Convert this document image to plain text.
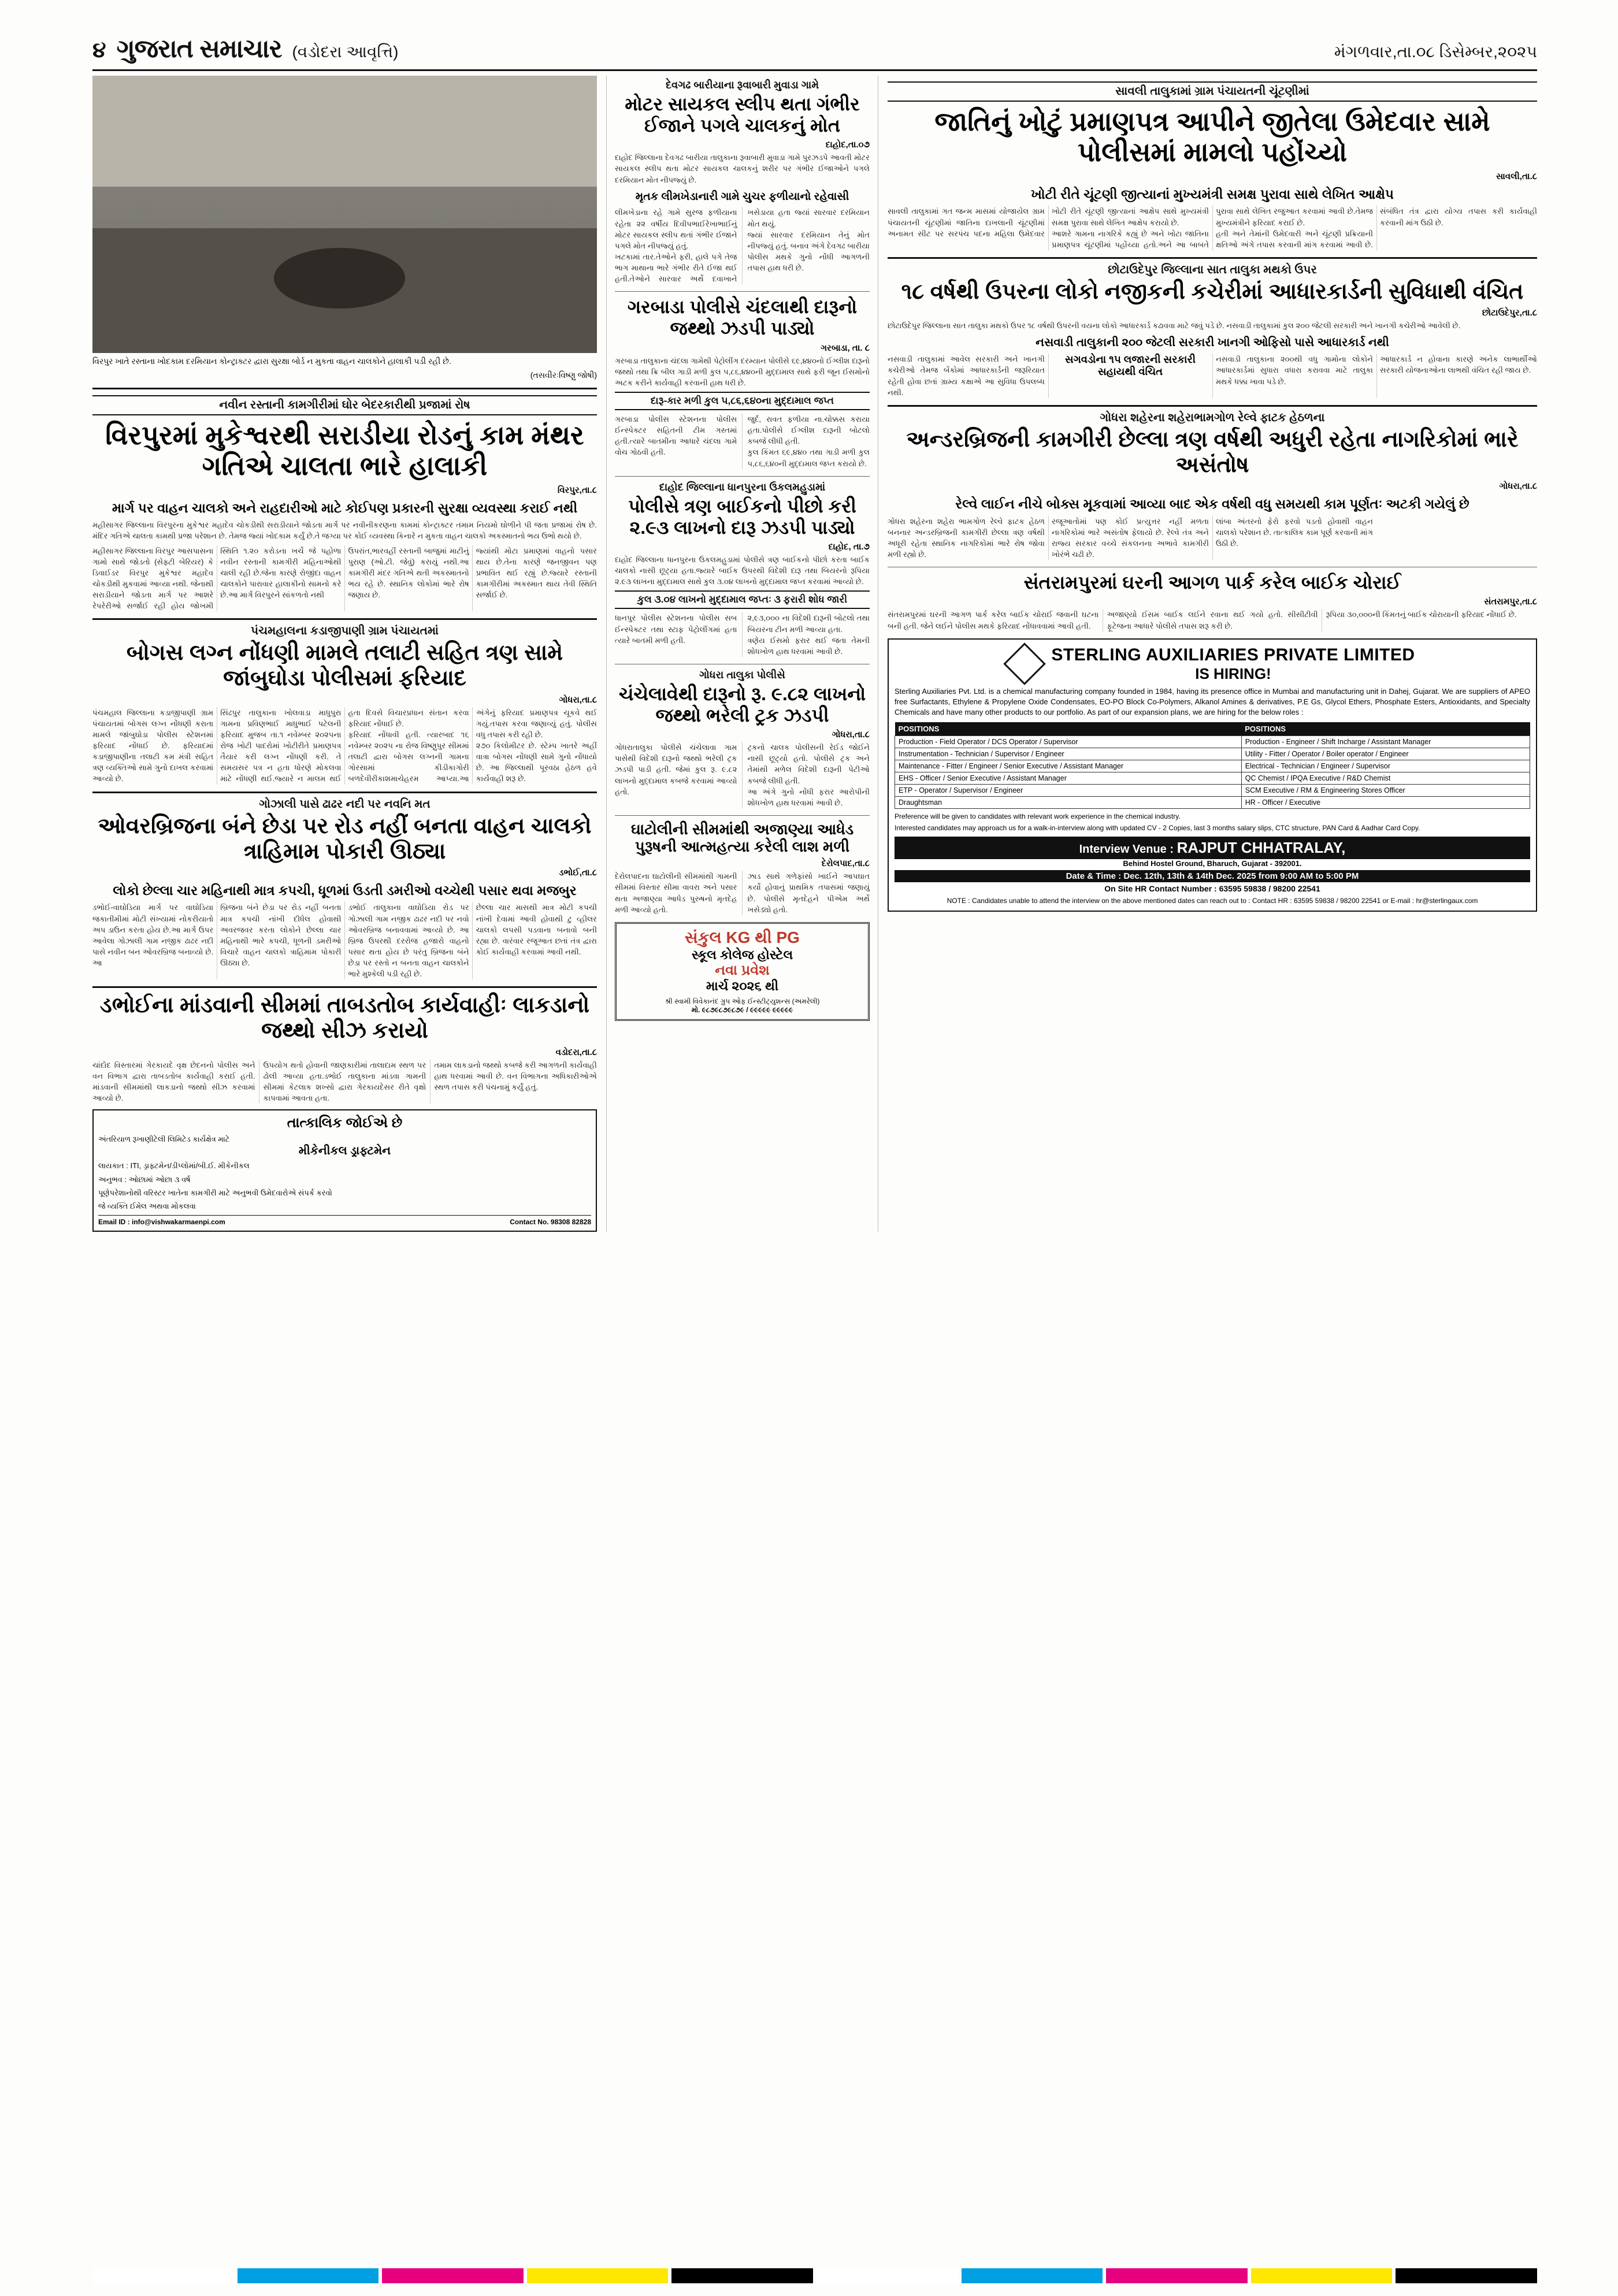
૪ ગુજરાત સમાચાર (વડોદરા આવૃત્તિ)	મંગળવાર,તા.૦૮ ડિસેમ્બર,૨૦૨૫
વિરપુર ખાતે રસ્તાના ખોદકામ દરમિયાન કોન્ટ્રાક્ટર દ્વારા સુરક્ષા બોર્ડ ન મુકતા વાહન ચાલકોને હાલાકી પડી રહી છે.
(તસવીરઃવિષ્ણુ જોષી)
નવીન રસ્તાની કામગીરીમાં ઘોર બેદરકારીથી પ્રજામાં રોષ
વિરપુરમાં મુકેશ્વરથી સરાડીયા રોડનું કામ મંથર ગતિએ ચાલતા ભારે હાલાકી
વિરપુર,તા.૮
માર્ગ પર વાહન ચાલકો અને રાહદારીઓ માટે કોઈપણ પ્રકારની સુરક્ષા વ્યવસ્થા કરાઈ નથી
મહીસાગર જિલ્લાના વિરપુરના મુકેશ્વર મહાદેવ ચોકડીથી સરાડીયાને જોડતા માર્ગ પર નવીનીકરણના કામમાં કોન્ટ્રાક્ટર તમામ નિયમો ઘોળીને પી જતા પ્રજામાં રોષ છે. મંદિર ગતિએ ચાલતા કામથી પ્રજા પરેશાન છે. તેમજ જ્યાં ખોદકામ કર્યું છે.તે જગ્યા પર કોઈ વ્યવસ્થા કિનારે ન મુકતા વાહન ચાલકો અકસ્માતનો ભય ઉભો થયો છે.
મહીસાગર જિલ્લાના વિરપુર આસપાસના ગામો સાથે જોડતો (સેફ્ટી બેરિયર) કે ડિવાઈડર વિરપુર મુકેશ્વર મહાદેવ ચોકડીથી મુકવામાં આવ્યા નથી. જેનાથી સરાડીયાને જોડતા માર્ગ પર આશરે રેપરેરીઓ સર્જાઈ રહી હોય જોખમી સ્થિતિ ૧.૨૦ કરોડના ખર્ચે જે પહોળા નવીન રસ્તાની કામગીરી મહિનાઓથી ચાલી રહી છે.જેના કારણે રોજીંદા વાહન ચાલકોને પારાવાર હાલાકીનો સામનો કરે છે.આ માર્ગ વિરપુરને સાંકળતો નથી
ઉપરાંત,ભારવહીં રસ્તાની બાજુમાં માટીનું પુરાણ (ઓ.ટી. જેવું) કરાયું નથી.આ કામગીરી મંદર ગતિએ થતી અકસ્માતનો ભય રહે છે. સ્થાનિક લોકોમાં ભારે રોષ જણાય છે.
જ્યાંથી મોટા પ્રમાણમાં વાહનો પસાર થાય છે.તેના કારણે જનજીવન પણ પ્રભાવિત થઈ રહ્યું છે.જ્યારે રસ્તાની કામગીરીમાં અકસ્માત થાય તેવી સ્થિતિ સર્જાઈ છે.
પંચમહાલના કડાજીપાણી ગ્રામ પંચાયતમાં
બોગસ લગ્ન નોંધણી મામલે તલાટી સહિત ત્રણ સામે જાંબુઘોડા પોલીસમાં ફરિયાદ
ગોધરા,તા.૮
પંચમહાલ જિલ્લાના કડાજીપાણી ગ્રામ પંચાયતમાં બોગસ લગ્ન નોંધણી કરાતા મામલે જાંબુઘોડા પોલીસ સ્ટેશનમાં ફરિયાદ નોંધાઈ છે. ફરિયાદમાં કડાજીપાણીના તલાટી કમ મંત્રી સહિત ત્રણ વ્યક્તિઓ સામે ગુનો દાખલ કરવામાં આવ્યો છે.
સિંઢપુર તાલુકાના ખોલવાડા માધુપુરા ગામના પ્રવિણભાઈ માધુભાઈ પટેલની ફરિયાદ મુજબ તા.૧ નવેમ્બર ૨૦૨૫ના રોજ ખોટી પાદરોમાં ખોટીરીતે પ્રમાણપત્ર તૈયાર કરી લગ્ન નોંધણી કરી. તે સમયસર પત્ર ન હતા ધોરણે મોકલવા માટે નોંધણી થઈ.જ્યારે ન માલમ થઈ હતા દિવસે વિચારપ્રધાન સંતાન કરવા ફરિયાદ નોંધાઈ છે.
ફરિયાદ નોંધાવી હતી. ત્યારબાદ ૧૬ નવેમ્બર ૨૦૨૫ ના રોજ વિષ્ણુપુર સીમમાં તલાટી દ્વારા બોગસ લગ્નની ગામના ગોરસામાં કીડીકાગોરી બળદેવીરીકાશમાચેહરમ આપ્યા.આ અંગેનું ફરિયાદ પ્રમાણપત્ર ચૂકવે થઈ ગયું.તપાસ કરવા જણાવ્યું હતું. પોલીસ વધુ તપાસ કરી રહી છે.
૨૭૦ કિલોમીટર છે. સ્ટેમ્પ ખાતરે અહીં વાત્રા બોગસ નોંધણી સામે ગુનો નોંધાયો છે. આ જિલ્લાથી પૂરવઠા હેઠળ હવે કાર્યવાહી શરૂ છે.
ગોઝાલી પાસે ઢાઢર નદી પર નવનિ મત
ઓવરબ્રિજના બંને છેડા પર રોડ નહીં બનતા વાહન ચાલકો ત્રાહિમામ પોકારી ઊઠ્યા
ડભોઈ,તા.૮
લોકો છેલ્લા ચાર મહિનાથી માત્ર કપચી, ધૂળમાં ઉડતી ડમરીઓ વચ્ચેથી પસાર થવા મજબુર
ડભોઈ-વાઘોડિયા માર્ગ પર વાઘોડિયા જકાતીમીમાં મોટી સંખ્યામાં નોકરીયાતો અપ ડાઉન કરતા હોય છે.આ માર્ગ ઉપર આવેલા ગોઝાલી ગામ નજીક ઢાઢર નદી પાસે નવીન બન ઓવરબ્રિજ બનાવ્યો છે. આ
બ્રિજના બંને છેડા પર રોડ નહીં બનતા માત્ર કપચી નાંખી દીધેલ હોવાથી અવરજવર કરતા લોકોને છેલ્લા ચાર મહિનાથી ભારે કપચી, ધૂળની ડમરીઓ વિચારે વાહન ચાલકો ત્રાહિમામ પોકારી ઊઠ્યા છે.
ડભોઈ તાલુકાના વાઘોડિયા રોડ પર ગોઝાલી ગામ નજીક ઢાઢર નદી પર નવો ઓવરબ્રિજ બનાવવામાં આવ્યો છે. આ બ્રિજ ઉપરથી દરરોજ હજારો વાહનો પસાર થતા હોય છે પરંતુ બ્રિજના બંને છેડા પર રસ્તો ન બનતા વાહન ચાલકોને ભારે મુશ્કેલી પડી રહી છે.
છેલ્લા ચાર માસથી માત્ર મોટી કપચી નાંખી દેવામાં આવી હોવાથી ટુ વ્હીલર ચાલકો લપસી પડવાના બનાવો બની રહ્યા છે. વારંવાર રજૂઆત છતાં તંત્ર દ્વારા કોઈ કાર્યવાહી કરવામાં આવી નથી.
ડભોઈના માંડવાની સીમમાં તાબડતોબ કાર્યવાહીઃ લાકડાનો જથ્થો સીઝ કરાયો
વડોદરા,તા.૮
ચાંદોદ વિસ્તારમાં ગેરકાયદે વૃક્ષ છેદનનો પોલીસ અને વન વિભાગ દ્વારા તાબડતોબ કાર્યવાહી કરાઈ હતી. માંડવાની સીમમાંથી લાકડાનો જથ્થો સીઝ કરવામાં આવ્યો છે.
ઉપયોગ થતો હોવાની જાણકારીમાં તાલાદામ સ્થળ પર ઢોલી આવ્યા હતા.ડભોઈ તાલુકાના માંડવા ગામની સીમમાં કેટલાક શખ્સો દ્વારા ગેરકાયદેસર રીતે વૃક્ષો કાપવામાં આવતા હતા.
તમામ લાકડાનો જથ્થો કબજે કરી આગળની કાર્યવાહી હાથ ધરવામાં આવી છે. વન વિભાગના અધિકારીઓએ સ્થળ તપાસ કરી પંચનામું કર્યું હતું.
તાત્કાલિક જોઈએ છે
અંતરિયાળ રૂખાણીટેલી લિમિટેડ કાર્યક્ષેત્ર માટે
મીકેનીકલ ડ્રાફ્ટમેન
લાયકાત : ITI, ડ્રાફ્ટમેન/ડીપ્લોમાં/બી.ઈ. મીકેનીકલ
અનુભવ : ઓછામાં ઓછા ૩ વર્ષ
પૂણેપરેશાનોથી વરિસ્ટર ખાતેના કામગીરી માટે અનુભવી ઉમેદવારોએ સંપર્ક કરવો
જે વ્યક્તિ ઈમેલ અથવા મોકલવા
Email ID : info@vishwakarmaenpi.com	Contact No. 98308 82828
દેવગઢ બારીયાના રૂવાબારી મુવાડા ગામે
મોટર સાયકલ સ્લીપ થતા ગંભીર ઈજાને પગલે ચાલકનું મોત
દાહોદ,તા.૦૭
દાહોદ જિલ્લાના દેવગઢ બારીયા તાલુકાના રૂવાબારી મુવાડા ગામે પુરઝડપે આવતી મોટર સાયકલ સ્લીપ થતા મોટર સાયકલ ચાલકનું શરીર પર ગંભીર ઈજાઓને પગલે દરમિયાન મોત નીપજ્યું છે.
મૃતક લીમખેડાનારી ગામે ચુચર ફળીયાનો રહેવાસી
લીમખેડાના રહે ગામે સુરજ ફળીયાના રહેતા ૨૨ વર્ષીય દિવીપભાઈરેખાભાઈનું મોટર સાયકલ સ્લીપ થતાં ગંભીર ઈજાને પગલે મોત નીપજ્યું હતું.
ખટકામાં તાર.તેઓને ફરી, હાલે પગે તેજ ભાગ માથાના ભારે ગંભીર રીતે ઈજા થઈ હતી.તેઓને સારવાર અર્થે દવાખાને ખસેડાયા હતા જ્યાં સારવાર દરમિયાન મોત થયું.
જ્યાં સારવાર દરમિયાન તેનું મોત નીપજ્યું હતું. બનાવ અંગે દેવગઢ બારીયા પોલીસ મથકે ગુનો નોંધી આગળની તપાસ હાથ ધરી છે.
ગરબાડા પોલીસે ચંદલાથી દારૂનો જથ્થો ઝડપી પાડ્યો
ગરબાડા, તા. ૮
ગરબાડા તાલુકાના ચંદલા ગામેથી પેટ્રોલીંગ દરમ્યાન પોલીસે ૬૯,૪૪૦નો ઈગ્લીશ દારૂનો જથ્થો તથા ક્રિ બીલ ગાડી મળી કુલ ૫,૮૬,૪૪૦ની મુદ્દામાલ સાથે ફરી જૂન ઈસમોનો અટક કરીને કાર્યવાહી કરવાની હાથ ધરી છે.
દારૂ-કાર મળી કુલ ૫,૮૬,૬૪૦ના મુદ્દામાલ જપ્ત
ગરબાડા પોલીસ સ્ટેશનના પોલીસ ઈન્સ્પેક્ટર સહિતની ટીમ ગસ્તમાં હતી.ત્યારે બાતમીના આધારે ચંદલા ગામે વોચ ગોઠવી હતી.
જુર્દ, રાવત ફળીયા ના.ચોક્કસ કરાયા હતા.પોલીસે ઈગ્લીશ દારૂની બોટલો કબજે લીધી હતી.
કુલ કિંમત ૬૯,૪૪૦ તથા ગાડી મળી કુલ ૫,૮૬,૬૪૦ની મુદ્દામાલ જપ્ત કરાયો છે.
દાહોદ જિલ્લાના ધાનપુરના ઉકલમહુડામાં
પોલીસે ત્રણ બાઈકનો પીછો કરી ૨.૯૩ લાખનો દારૂ ઝડપી પાડ્યો
દાહોદ, તા.૭
દાહોદ જિલ્લાના ધાનપુરના ઉકલમહુડામાં પોલીસે ત્રણ બાઈકનો પીછો કરતા બાઈક ચાલકો નાસી છૂટ્યા હતા.જ્યારે બાઈક ઉપરથી વિદેશી દારૂ તથા બિયરનો રૂપિયા ૨.૯૩ લાખના મુદ્દામાલ સાથે કુલ ૩.૦૪ લાખનો મુદ્દામાલ જપ્ત કરવામાં આવ્યો છે.
કુલ ૩.૦૪ લાખનો મુદ્દામાલ જપ્તઃ ૩ ફરારી શોધ જારી
ધાનપુર પોલીસ સ્ટેશનના પોલીસ સબ ઈન્સ્પેક્ટર તથા સ્ટાફ પેટ્રોલીંગમાં હતા ત્યારે બાતમી મળી હતી.
૨,૯૩,૦૦૦ ના વિદેશી દારૂની બોટલો તથા બિયરના ટીન મળી આવ્યા હતા.
ત્રણેય ઈસમો ફરાર થઈ જતા તેમની શોધખોળ હાથ ધરવામાં આવી છે.
ગોધરા તાલુકા પોલીસે
ચંચેલાવેથી દારૂનો રૂ. ૯.૮૨ લાખનો જથ્થો ભરેલી ટ્રક ઝડપી
ગોધરા,તા.૮
ગોધરાતાલુકા પોલીસે ચંચેલાવા ગામ પાસેથી વિદેશી દારૂનો જથ્થો ભરેલી ટ્રક ઝડપી પાડી હતી. જેમાં કુલ રૂ. ૯.૮૨ લાખનો મુદ્દામાલ કબજે કરવામાં આવ્યો હતો.
ટ્રકનો ચાલક પોલીસની રેઈડ જોઈને નાસી છૂટ્યો હતો. પોલીસે ટ્રક અને તેમાંથી મળેલ વિદેશી દારૂની પેટીઓ કબજે લીધી હતી.
આ અંગે ગુનો નોંધી ફરાર આરોપીની શોધખોળ હાથ ધરવામાં આવી છે.
ઘાટોલીની સીમમાંથી અજાણ્યા આધેડ પુરૂષની આત્મહત્યા કરેલી લાશ મળી
દેરોલપાદ,તા.૮
દેરોલપાદના ઘાટોલીની સીમમાંથી ગામની સીમમાં વિસ્તાર સીમા વાવરા અને પસાર થતા અજાણ્યા આધેડ પુરુષનો મૃતદેહ મળી આવ્યો હતો.
ઝાડ સાથે ગળેફાંસો ખાઈને આપઘાત કર્યો હોવાનું પ્રાથમિક તપાસમાં જણાયું છે. પોલીસે મૃતદેહને પીએમ અર્થે ખસેડ્યો હતો.
સંકુલ KG થી PG
સ્કૂલ કોલેજ હોસ્ટેલ
નવા પ્રવેશ
માર્ચ ૨૦૨૬ થી
શ્રી સ્વામી વિવેકાનંદ ગ્રુપ ઓફ ઈન્સ્ટીટ્યુશન્સ (અમરેલી)
મો. ૯૮૭૯૮૭૯૮૭૯ / ૯૯૯૯૯ ૯૯૯૯૯
સાવલી તાલુકામાં ગ્રામ પંચાયતની ચૂંટણીમાં
જાતિનું ખોટું પ્રમાણપત્ર આપીને જીતેલા ઉમેદવાર સામે પોલીસમાં મામલો પહોંચ્યો
સાવલી,તા.૮
ખોટી રીતે ચૂંટણી જીત્યાનાં મુખ્યમંત્રી સમક્ષ પુરાવા સાથે લેખિત આક્ષેપ
સાવલી તાલુકામાં ગત જન્મ માસમાં યોજાયેલ ગ્રામ પંચાયતની ચૂંટણીમાં જાતિના દાખલાની ચૂંટણીમાં અનામત સીટ પર સરપંચ પદના મહિલા ઉમેદવાર ખોટી રીતે ચૂંટણી જીત્યાનાં આક્ષેપ સાથે મુખ્યમંત્રી સમક્ષ પુરાવા સાથે લેખિત આક્ષેપ કરાયો છે.
આશરે ગામના નાગરિકે કહ્યું છે અને ખોટા જાતિના પ્રમાણપત્ર ચૂંટણીમાં પહોંચ્યા હતો.અને આ બાબતે પુરાવા સાથે લેખિત રજુઆત કરવામાં આવી છે.તેમજ મુખ્યમંત્રીને ફરિયાદ કરાઈ છે.
હતી અને તેમાંની ઉમેદવારી અને ચૂંટણી પ્રક્રિયાની ક્ષતિઓ અંગે તપાસ કરવાની માંગ કરવામાં આવી છે. સંબંધિત તંત્ર દ્વારા યોગ્ય તપાસ કરી કાર્યવાહી કરવાની માંગ ઉઠી છે.
છોટાઉદેપુર જિલ્લાના સાત તાલુકા મથકો ઉપર
૧૮ વર્ષથી ઉપરના લોકો નજીકની કચેરીમાં આધારકાર્ડની સુવિધાથી વંચિત
છોટાઉદેપુર,તા.૮
છોટાઉદેપુર જિલ્લાના સાત તાલુકા મથકો ઉપર ૧૮ વર્ષથી ઉપરની વયના લોકો આધારકાર્ડ કઢાવવા માટે જવું પડે છે. નસવાડી તાલુકામાં કુલ ૨૦૦ જેટલી સરકારી અને ખાનગી કચેરીઓ આવેલી છે.
નસવાડી તાલુકાની ૨૦૦ જેટલી સરકારી ખાનગી ઓફિસો પાસે આધારકાર્ડ નથી
નસવાડી તાલુકામાં આવેલ સરકારી અને ખાનગી કચેરીઓ તેમજ બેંકોમાં આધારકાર્ડની જરૂરિયાત રહેતી હોવા છતાં ગ્રામ્ય કક્ષાએ આ સુવિધા ઉપલબ્ધ નથી.
સગવડોના ૧૫ લજારની સરકારી સહાયથી વંચિત
નસવાડી તાલુકાના ૨૦૦થી વધુ ગામોના લોકોને આધારકાર્ડમાં સુધારા વધારા કરાવવા માટે તાલુકા મથકે ધક્કા ખાવા પડે છે.
આધારકાર્ડ ન હોવાના કારણે અનેક લાભાર્થીઓ સરકારી યોજનાઓના લાભથી વંચિત રહી જાય છે.
ગોધરા શહેરના શહેરાભામગોળ રેલ્વે ફાટક હેઠળના
અન્ડરબ્રિજની કામગીરી છેલ્લા ત્રણ વર્ષથી અધુરી રહેતા નાગરિકોમાં ભારે અસંતોષ
ગોધરા,તા.૮
રેલ્વે લાઈન નીચે બોક્સ મૂકવામાં આવ્યા બાદ એક વર્ષથી વધુ સમયથી કામ પૂર્ણતઃ અટકી ગયેલું છે
ગોધરા શહેરના શહેરા ભામગોળ રેલ્વે ફાટક હેઠળ બનનાર અન્ડરબ્રિજની કામગીરી છેલ્લા ત્રણ વર્ષથી અધૂરી રહેતા સ્થાનિક નાગરિકોમાં ભારે રોષ જોવા મળી રહ્યો છે.
રજૂઆતોમાં પણ કોઈ પ્રત્યુત્તર નહીં મળતા નાગરિકોમાં ભારે અસંતોષ ફેલાયો છે. રેલ્વે તંત્ર અને રાજ્ય સરકાર વચ્ચે સંકલનના અભાવે કામગીરી ખોરંભે ચઢી છે.
લાંબા અંતરનો ફેરો ફરવો પડતો હોવાથી વાહન ચાલકો પરેશાન છે. તાત્કાલિક કામ પૂર્ણ કરવાની માંગ ઉઠી છે.
સંતરામપુરમાં ઘરની આગળ પાર્ક કરેલ બાઈક ચોરાઈ
સંતરામપુર,તા.૮
સંતરામપુરમાં ઘરની આગળ પાર્ક કરેલ બાઈક ચોરાઈ જવાની ઘટના બની હતી. જેને લઈને પોલીસ મથકે ફરિયાદ નોંધાવવામાં આવી હતી.
અજાણ્યો ઈસમ બાઈક લઈને રવાના થઈ ગયો હતો. સીસીટીવી ફૂટેજના આધારે પોલીસે તપાસ શરૂ કરી છે.
રૂપિયા ૩૦,૦૦૦ની કિંમતનું બાઈક ચોરાયાની ફરિયાદ નોંધાઈ છે.
STERLING AUXILIARIES PRIVATE LIMITED
IS HIRING!
Sterling Auxiliaries Pvt. Ltd. is a chemical manufacturing company founded in 1984, having its presence office in Mumbai and manufacturing unit in Dahej, Gujarat. We are suppliers of APEO free Surfactants, Ethylene & Propylene Oxide Condensates, EO-PO Block Co-Polymers, Alkanol Amines & derivatives, P.E Gs, Glycol Ethers, Phosphate Esters, Antioxidants, and Specialty Chemicals and have many other products to our portfolio. As part of our expansion plans, we are hiring for the below roles :
POSITIONS	POSITIONS
Production - Field Operator / DCS Operator / Supervisor	Production - Engineer / Shift Incharge / Assistant Manager
Instrumentation - Technician / Supervisor / Engineer	Utility - Fitter / Operator / Boiler operator / Engineer
Maintenance - Fitter / Engineer / Senior Executive / Assistant Manager	Electrical - Technician / Engineer / Supervisor
EHS - Officer / Senior Executive / Assistant Manager	QC Chemist / IPQA Executive / R&D Chemist
ETP - Operator / Supervisor / Engineer	SCM Executive / RM & Engineering Stores Officer
Draughtsman	HR - Officer / Executive
Preference will be given to candidates with relevant work experience in the chemical industry.
Interested candidates may approach us for a walk-in-interview along with updated CV - 2 Copies, last 3 months salary slips, CTC structure, PAN Card & Aadhar Card Copy.
Interview Venue : RAJPUT CHHATRALAY,
Behind Hostel Ground, Bharuch, Gujarat - 392001.
Date & Time : Dec. 12th, 13th & 14th Dec. 2025 from 9:00 AM to 5:00 PM
On Site HR Contact Number : 63595 59838 / 98200 22541
NOTE : Candidates unable to attend the interview on the above mentioned dates can reach out to : Contact HR : 63595 59838 / 98200 22541 or E-mail : hr@sterlingaux.com
